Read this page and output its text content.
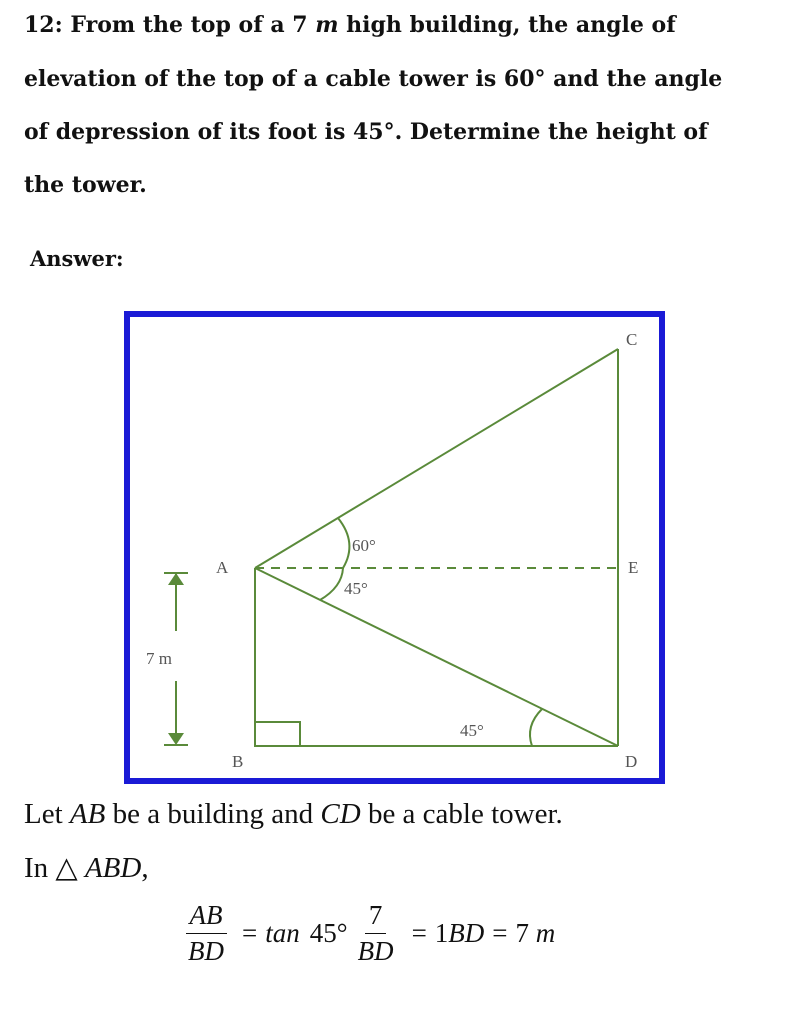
12: From the top of a 7 m high building, the angle of
elevation of the top of a cable tower is 60° and the angle
of depression of its foot is 45°. Determine the height of
the tower.
Answer:
A
B
C
D
E
7 m
60°
45°
45°
Let AB be a building and CD be a cable tower.
In △ ABD,
$\frac{AB}{BD} = \tan 45^\circ \frac{7}{BD} = 1$ BD = 7 m
